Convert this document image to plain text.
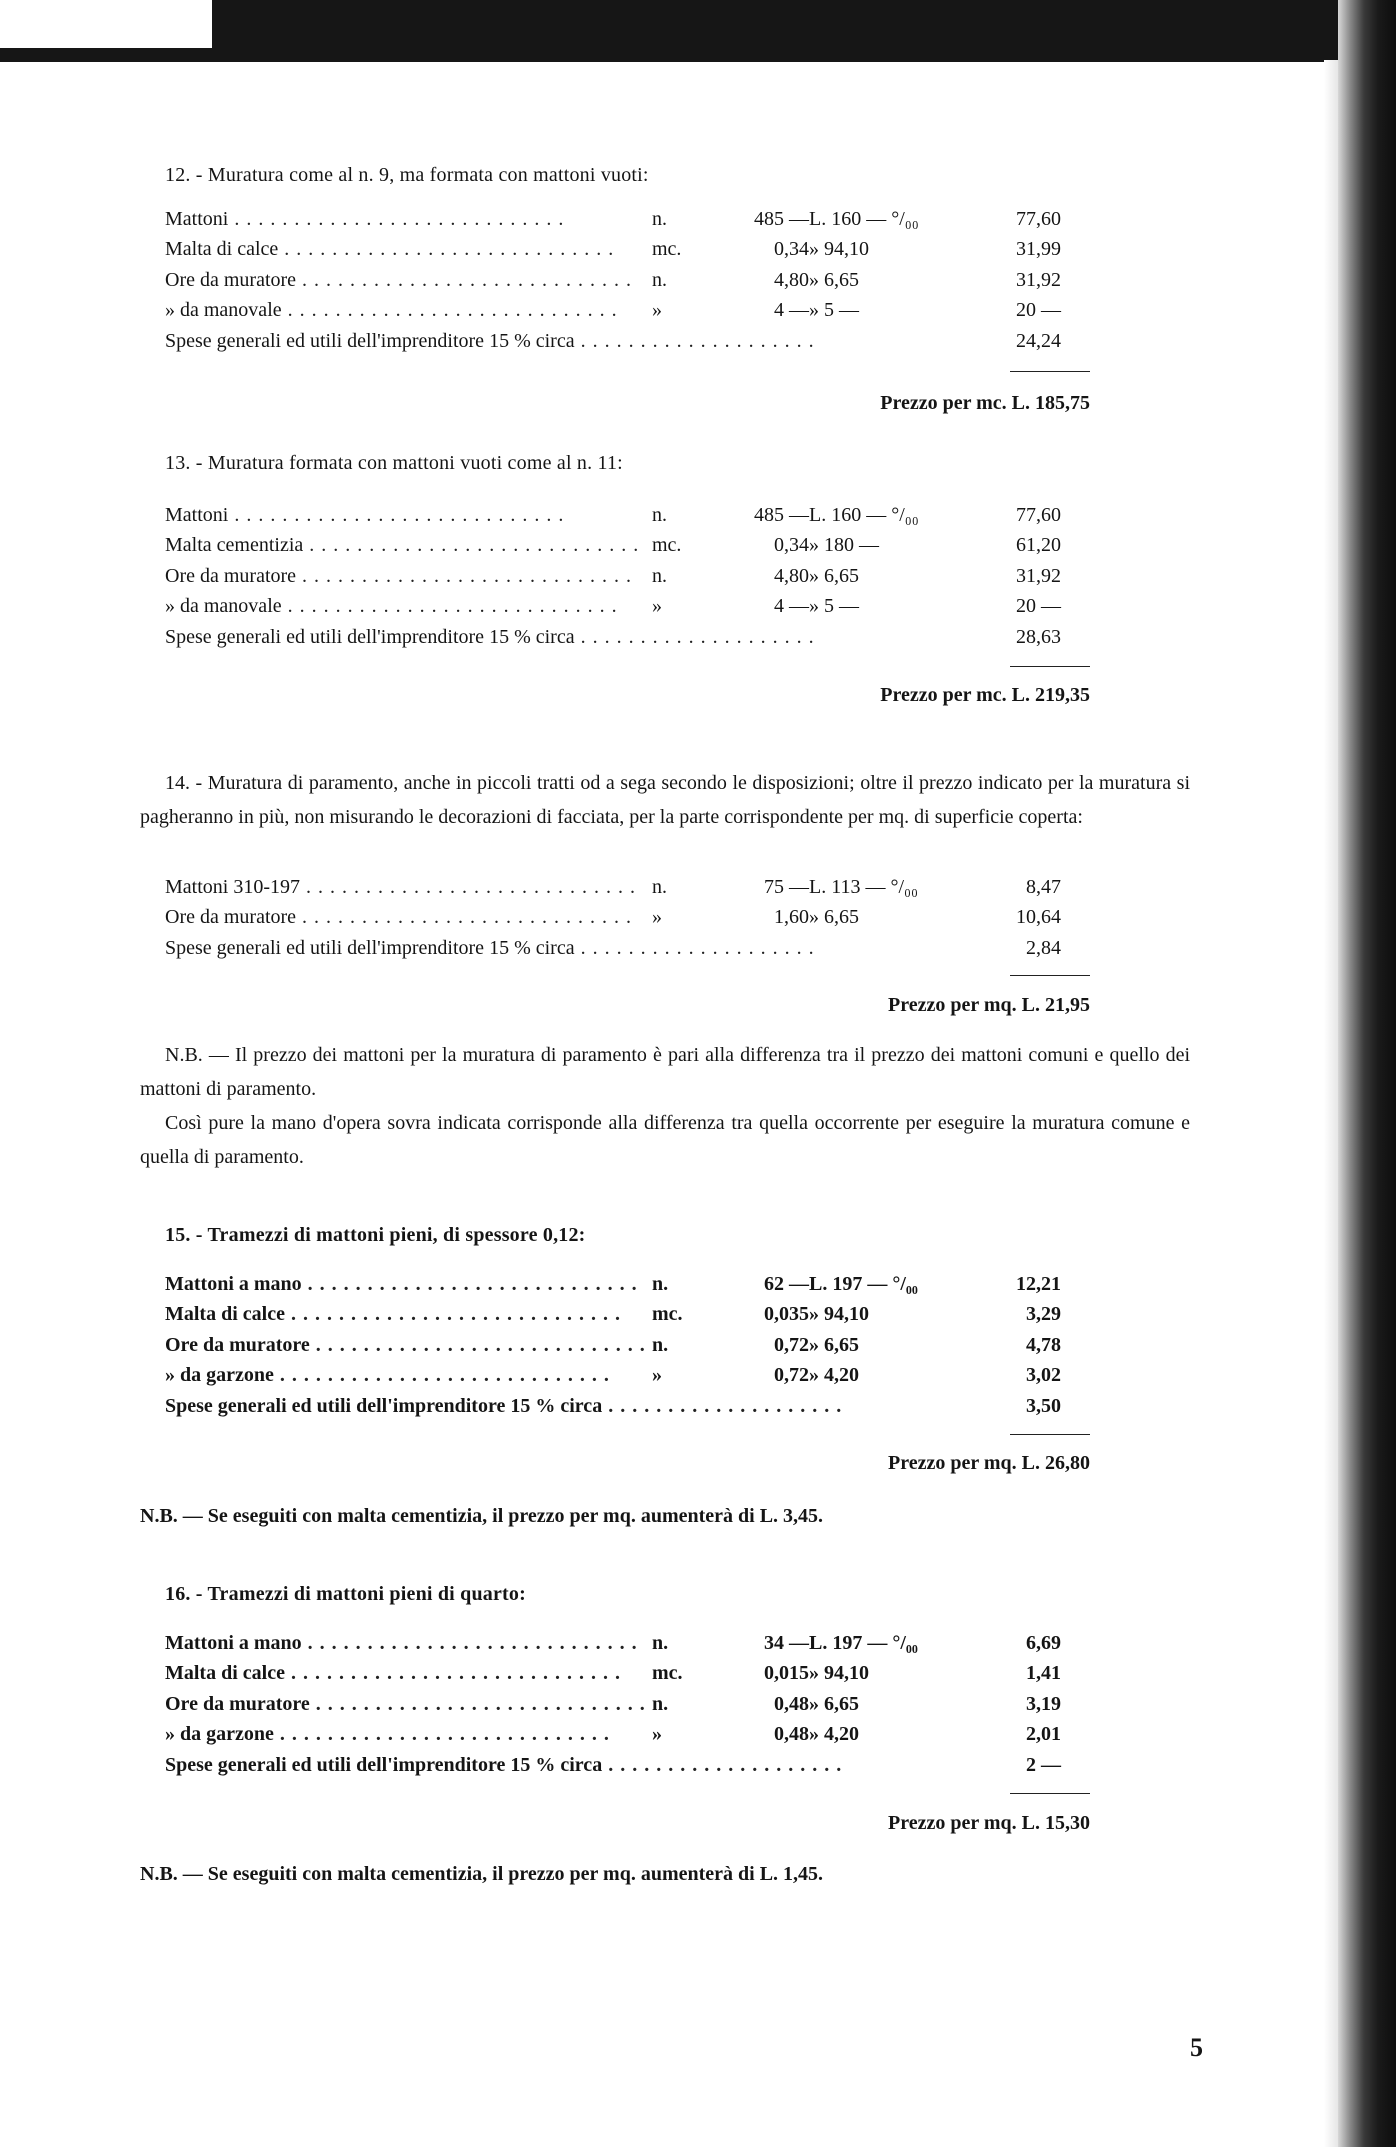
12. - Muratura come al n. 9, ma formata con mattoni vuoti:
Mattoni . . . . . . . . . . . . . . . . . . . . . . . . . . . .	n.	485 —	L. 160 — °/₀₀	77,60
Malta di calce . . . . . . . . . . . . . . . . . . . . . . . . . . . .	mc.	0,34	» 94,10	31,99
Ore da muratore . . . . . . . . . . . . . . . . . . . . . . . . . . . .	n.	4,80	» 6,65	31,92
» da manovale . . . . . . . . . . . . . . . . . . . . . . . . . . . .	»	4 —	» 5 —	20 —
Spese generali ed utili dell'imprenditore 15 % circa . . . . . . . . . . . . . . . . . . . .				24,24
Prezzo per mc. L. 185,75
13. - Muratura formata con mattoni vuoti come al n. 11:
Mattoni . . . . . . . . . . . . . . . . . . . . . . . . . . . .	n.	485 —	L. 160 — °/₀₀	77,60
Malta cementizia . . . . . . . . . . . . . . . . . . . . . . . . . . . .	mc.	0,34	» 180 —	61,20
Ore da muratore . . . . . . . . . . . . . . . . . . . . . . . . . . . .	n.	4,80	» 6,65	31,92
» da manovale . . . . . . . . . . . . . . . . . . . . . . . . . . . .	»	4 —	» 5 —	20 —
Spese generali ed utili dell'imprenditore 15 % circa . . . . . . . . . . . . . . . . . . . .				28,63
Prezzo per mc. L. 219,35

14. - Muratura di paramento, anche in piccoli tratti od a sega secondo le disposizioni; oltre il prezzo indicato per la muratura si pagheranno in più, non misurando le decorazioni di facciata, per la parte corrispondente per mq. di superficie coperta:

Mattoni 310-197 . . . . . . . . . . . . . . . . . . . . . . . . . . . .	n.	75 —	L. 113 — °/₀₀	8,47
Ore da muratore . . . . . . . . . . . . . . . . . . . . . . . . . . . .	»	1,60	» 6,65	10,64
Spese generali ed utili dell'imprenditore 15 % circa . . . . . . . . . . . . . . . . . . . .				2,84
Prezzo per mq. L. 21,95

N.B. — Il prezzo dei mattoni per la muratura di paramento è pari alla differenza tra il prezzo dei mattoni comuni e quello dei mattoni di paramento.

Così pure la mano d'opera sovra indicata corrisponde alla differenza tra quella occorrente per eseguire la muratura comune e quella di paramento.

15. - Tramezzi di mattoni pieni, di spessore 0,12:
Mattoni a mano . . . . . . . . . . . . . . . . . . . . . . . . . . . .	n.	62 —	L. 197 — °/₀₀	12,21
Malta di calce . . . . . . . . . . . . . . . . . . . . . . . . . . . .	mc.	0,035	» 94,10	3,29
Ore da muratore . . . . . . . . . . . . . . . . . . . . . . . . . . . .	n.	0,72	» 6,65	4,78
» da garzone . . . . . . . . . . . . . . . . . . . . . . . . . . . .	»	0,72	» 4,20	3,02
Spese generali ed utili dell'imprenditore 15 % circa . . . . . . . . . . . . . . . . . . . .				3,50
Prezzo per mq. L. 26,80
N.B. — Se eseguiti con malta cementizia, il prezzo per mq. aumenterà di L. 3,45.
16. - Tramezzi di mattoni pieni di quarto:
Mattoni a mano . . . . . . . . . . . . . . . . . . . . . . . . . . . .	n.	34 —	L. 197 — °/₀₀	6,69
Malta di calce . . . . . . . . . . . . . . . . . . . . . . . . . . . .	mc.	0,015	» 94,10	1,41
Ore da muratore . . . . . . . . . . . . . . . . . . . . . . . . . . . .	n.	0,48	» 6,65	3,19
» da garzone . . . . . . . . . . . . . . . . . . . . . . . . . . . .	»	0,48	» 4,20	2,01
Spese generali ed utili dell'imprenditore 15 % circa . . . . . . . . . . . . . . . . . . . .				2 —
Prezzo per mq. L. 15,30
N.B. — Se eseguiti con malta cementizia, il prezzo per mq. aumenterà di L. 1,45.
5
